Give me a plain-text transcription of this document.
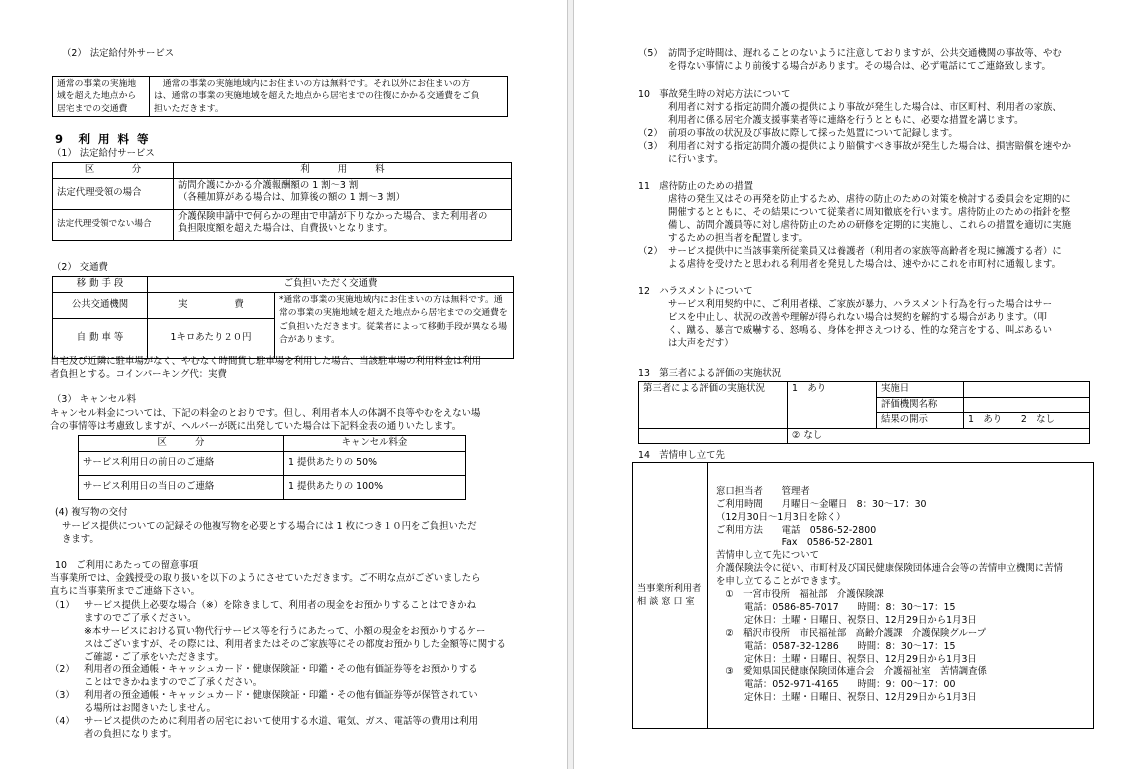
（2） 法定給付外サービス
通常の事業の実施地
域を超えた地点から
居宅までの交通費	　通常の事業の実施地域内にお住まいの方は無料です。それ以外にお住まいの方
は、通常の事業の実施地域を超えた地点から居宅までの往復にかかる交通費をご負
担いただきます。
9　利 用 料 等
（1） 法定給付サービス
区　　　　分	利　　　用　　　料
法定代理受領の場合	訪問介護にかかる介護報酬額の 1 割～3 割
（各種加算がある場合は、加算後の額の 1 割～3 割）
法定代理受領でない場合	介護保険申請中で何らかの理由で申請が下りなかった場合、また利用者の
負担限度額を超えた場合は、自費扱いとなります。
（2） 交通費
移 動 手 段	ご負担いただく交通費	
公共交通機関	実　　　　　費	*通常の事業の実施地域内にお住まいの方は無料です。通常の事業の実施地域を超えた地点から居宅までの交通費をご負担いただきます。従業者によって移動手段が異なる場合があります。
自 動 車 等	1キロあたり２０円	
自宅及び近隣に駐車場がなく、やむなく時間貸し駐車場を利用した場合、当該駐車場の利用料金は利用
者負担とする。コインパーキング代：実費
（3） キャンセル料
キャンセル料金については、下記の料金のとおりです。但し、利用者本人の体調不良等やむをえない場
合の事情等は考慮致しますが、ヘルパーが既に出発していた場合は下記料金表の通りいたします。
区　　　分	キャンセル料金
サービス利用日の前日のご連絡	1 提供あたりの 50%
サービス利用日の当日のご連絡	1 提供あたりの 100%
(4) 複写物の交付
サービス提供についての記録その他複写物を必要とする場合には 1 枚につき１０円をご負担いただ
きます。
10　ご利用にあたっての留意事項
当事業所では、金銭授受の取り扱いを以下のようにさせていただきます。ご不明な点がございましたら
直ちに当事業所までご連絡下さい。
（1） サービス提供上必要な場合（※）を除きまして、利用者の現金をお預かりすることはできかね
ますのでご了承ください。
※本サービスにおける買い物代行サービス等を行うにあたって、小額の現金をお預かりするケー
スはございますが、その際には、利用者またはそのご家族等にその都度お預かりした金額等に関する
ご確認・ご了承をいただきます。
（2） 利用者の預金通帳・キャッシュカード・健康保険証・印鑑・その他有価証券等をお預かりする
ことはできかねますのでご了承ください。
（3） 利用者の預金通帳・キャッシュカード・健康保険証・印鑑・その他有価証券等が保管されてい
る場所はお聞きいたしません。
（4） サービス提供のために利用者の居宅において使用する水道、電気、ガス、電話等の費用は利用
者の負担になります。
（5） 訪問予定時間は、遅れることのないように注意しておりますが、公共交通機関の事故等、やむ
を得ない事情により前後する場合があります。その場合は、必ず電話にてご連絡致します。
10　事故発生時の対応方法について
利用者に対する指定訪問介護の提供により事故が発生した場合は、市区町村、利用者の家族、
利用者に係る居宅介護支援事業者等に連絡を行うとともに、必要な措置を講じます。
（2） 前項の事故の状況及び事故に際して採った処置について記録します。
（3） 利用者に対する指定訪問介護の提供により賠償すべき事故が発生した場合は、損害賠償を速やか
に行います。
11　虐待防止のための措置
虐待の発生又はその再発を防止するため、虐待の防止のための対策を検討する委員会を定期的に
開催するとともに、その結果について従業者に周知徹底を行います。虐待防止のための指針を整
備し、訪問介護員等に対し虐待防止のための研修を定期的に実施し、これらの措置を適切に実施
するための担当者を配置します。
（2） サービス提供中に当該事業所従業員又は養護者（利用者の家族等高齢者を現に擁護する者）に
よる虐待を受けたと思われる利用者を発見した場合は、速やかにこれを市町村に通報します。
12　ハラスメントについて
サービス利用契約中に、ご利用者様、ご家族が暴力、ハラスメント行為を行った場合はサー
ビスを中止し、状況の改善や理解が得られない場合は契約を解約する場合があります。（叩
く、蹴る、暴言で威嚇する、怒鳴る、身体を押さえつける、性的な発言をする、叫ぶあるい
は大声をだす）
13　第三者による評価の実施状況
第三者による評価の実施状況	1　あり	実施日	
		評価機関名称	
		結果の開示	1　あり　　2　なし
	② なし		
14　苦情申し立て先
当事業所利用者
相 談 窓 口 室	
窓口担当者　　管理者
ご利用時間　　月曜日～金曜日　8：30～17：30
（12月30日～1月3日を除く）
ご利用方法　　電話　0586-52-2800
　　　　　　　Fax　0586-52-2801
苦情申し立て先について
介護保険法令に従い、市町村及び国民健康保険団体連合会等の苦情申立機関に苦情
を申し立てることができます。
　①　一宮市役所　福祉部　介護保険課
　　　電話：0586-85-7017　　時間：8：30～17：15
　　　定休日：土曜・日曜日、祝祭日、12月29日から1月3日
　②　稲沢市役所　市民福祉部　高齢介護課　介護保険グループ
　　　電話：0587-32-1286　　時間：8：30～17：15
　　　定休日：土曜・日曜日、祝祭日、12月29日から1月3日
　③　愛知県国民健康保険団体連合会　介護福祉室　苦情調査係
　　　電話：052-971-4165　　時間：9：00～17：00
　　　定休日：土曜・日曜日、祝祭日、12月29日から1月3日
